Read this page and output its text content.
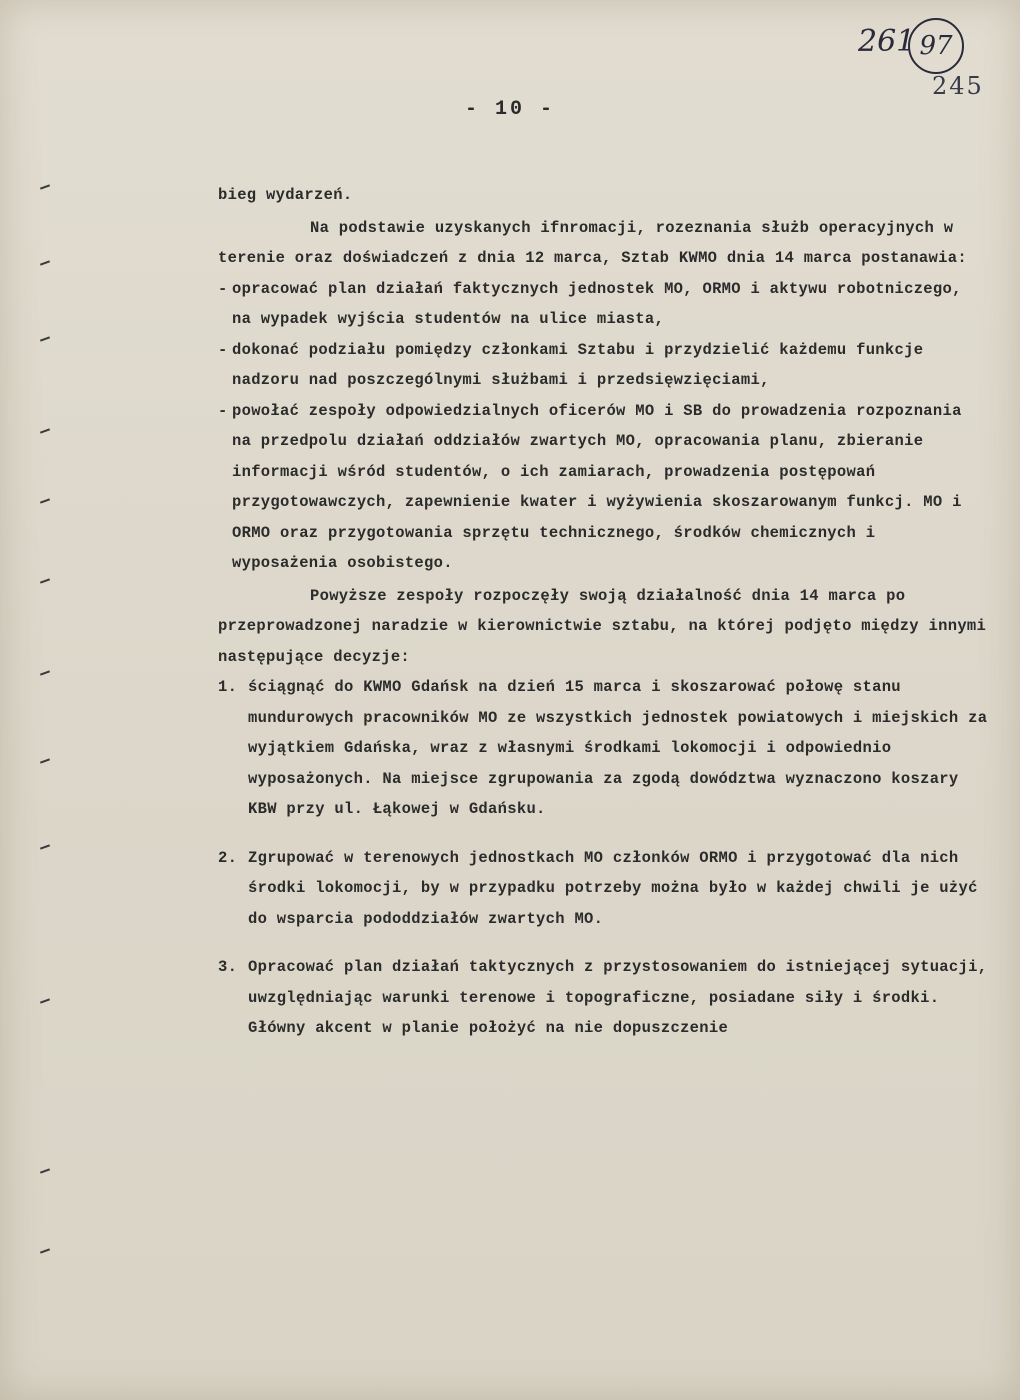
261 97
245
- 10 -

bieg wydarzeń.

Na podstawie uzyskanych ifnromacji, rozeznania służb operacyjnych w terenie oraz doświadczeń z dnia 12 marca, Sztab KWMO dnia 14 marca postanawia:

- opracować plan działań faktycznych jednostek MO, ORMO i aktywu robotniczego, na wypadek wyjścia studentów na ulice miasta,

- dokonać podziału pomiędzy członkami Sztabu i przydzielić każdemu funkcje nadzoru nad poszczególnymi służbami i przedsięwzięciami,

- powołać zespoły odpowiedzialnych oficerów MO i SB do prowadzenia rozpoznania na przedpolu działań oddziałów zwartych MO, opracowania planu, zbieranie informacji wśród studentów, o ich zamiarach, prowadzenia postępowań przygotowawczych, zapewnienie kwater i wyżywienia skoszarowanym funkcj. MO i ORMO oraz przygotowania sprzętu technicznego, środków chemicznych i wyposażenia osobistego.

Powyższe zespoły rozpoczęły swoją działalność dnia 14 marca po przeprowadzonej naradzie w kierownictwie sztabu, na której podjęto między innymi następujące decyzje:

1. ściągnąć do KWMO Gdańsk na dzień 15 marca i skoszarować połowę stanu mundurowych pracowników MO ze wszystkich jednostek powiatowych i miejskich za wyjątkiem Gdańska, wraz z własnymi środkami lokomocji i odpowiednio wyposażonych. Na miejsce zgrupowania za zgodą dowództwa wyznaczono koszary KBW przy ul. Łąkowej w Gdańsku.

2. Zgrupować w terenowych jednostkach MO członków ORMO i przygotować dla nich środki lokomocji, by w przypadku potrzeby można było w każdej chwili je użyć do wsparcia pododdziałów zwartych MO.

3. Opracować plan działań taktycznych z przystosowaniem do istniejącej sytuacji, uwzględniając warunki terenowe i topograficzne, posiadane siły i środki. Główny akcent w planie położyć na nie dopuszczenie
